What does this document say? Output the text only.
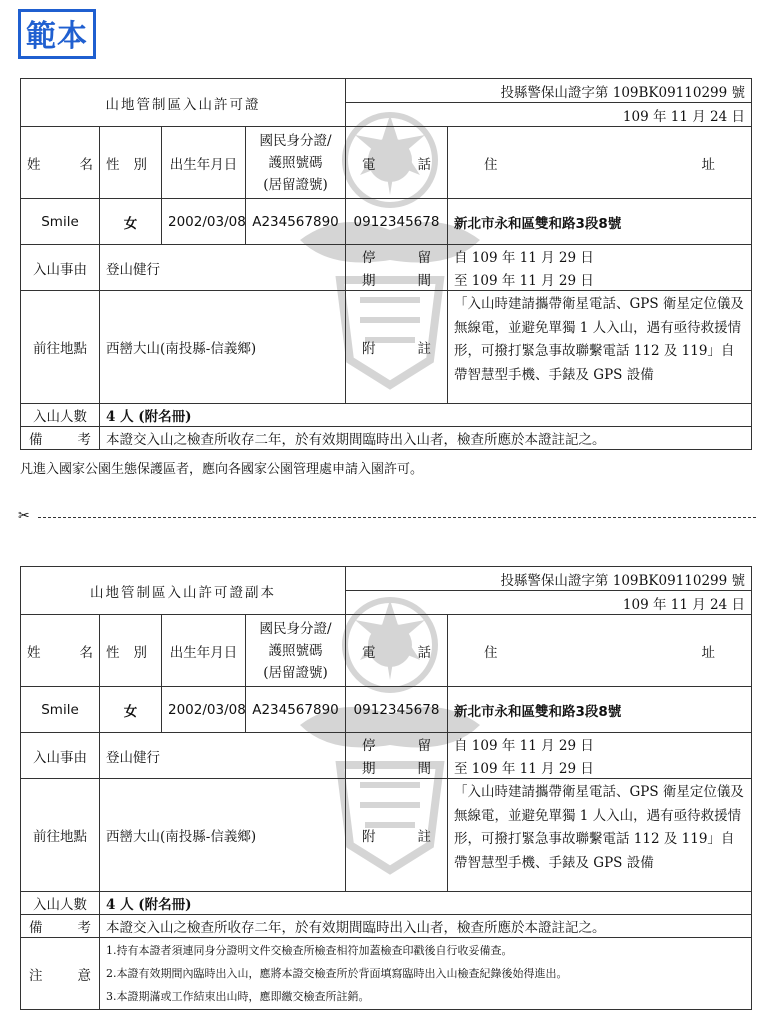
範本
山地管制區入山許可證				投縣警保山證字第 109BK09110299 號	
				109 年 11 月 24 日	
姓名	性別	出生年月日	國民身分證/
護照號碼
(居留證號)	電話	住址
Smile	女	2002/03/08	A234567890	0912345678	新北市永和區雙和路3段8號
入山事由	登山健行			停留	自 109 年 11 月 29 日
				期間	至 109 年 11 月 29 日
前往地點	西巒大山(南投縣-信義鄉)			附註	「入山時建請攜帶衛星電話、GPS 衛星定位儀及無線電，並避免單獨 1 人入山，遇有亟待救援情形，可撥打緊急事故聯繫電話 112 及 119」自帶智慧型手機、手錶及 GPS 設備
入山人數	4 人 (附名冊)				
備考	本證交入山之檢查所收存二年，於有效期間臨時出入山者，檢查所應於本證註記之。				
凡進入國家公園生態保護區者，應向各國家公園管理處申請入園許可。
✂
山地管制區入山許可證副本				投縣警保山證字第 109BK09110299 號	
				109 年 11 月 24 日	
姓名	性別	出生年月日	國民身分證/
護照號碼
(居留證號)	電話	住址
Smile	女	2002/03/08	A234567890	0912345678	新北市永和區雙和路3段8號
入山事由	登山健行			停留	自 109 年 11 月 29 日
				期間	至 109 年 11 月 29 日
前往地點	西巒大山(南投縣-信義鄉)			附註	「入山時建請攜帶衛星電話、GPS 衛星定位儀及無線電，並避免單獨 1 人入山，遇有亟待救援情形，可撥打緊急事故聯繫電話 112 及 119」自帶智慧型手機、手錶及 GPS 設備
入山人數	4 人 (附名冊)				
備考	本證交入山之檢查所收存二年，於有效期間臨時出入山者，檢查所應於本證註記之。				
注意	1.持有本證者須連同身分證明文件交檢查所檢查相符加蓋檢查印戳後自行收妥備查。
2.本證有效期間內臨時出入山，應將本證交檢查所於背面填寫臨時出入山檢查紀錄後始得進出。
3.本證期滿或工作結束出山時，應即繳交檢查所註銷。				
